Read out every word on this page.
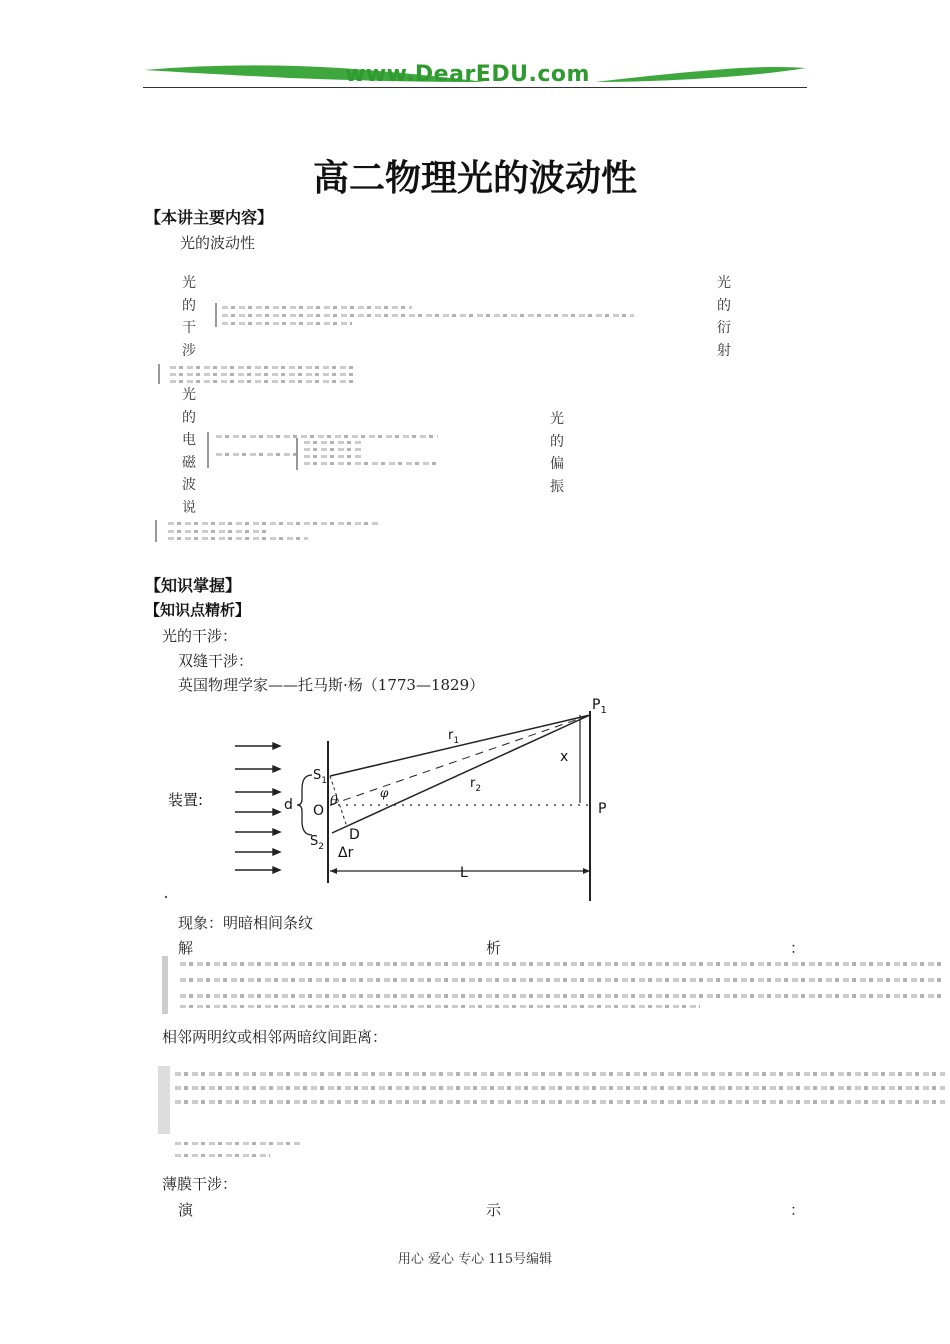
www.DearEDU.com
高二物理光的波动性
【本讲主要内容】
光的波动性
光的干涉
光的衍射
光的电磁波说
光的偏振
【知识掌握】
【知识点精析】
光的干涉：
双缝干涉：
英国物理学家——托马斯·杨（1773—1829）
装置:
$P_1$
$r_1$
$r_2$
$S_1$
$S_2$
x
d O	P
D
Δr
L
θ
φ
现象：明暗相间条纹
解	析	：
相邻两明纹或相邻两暗纹间距离：
薄膜干涉：
演	示	：
用心 爱心 专心 115号编辑
